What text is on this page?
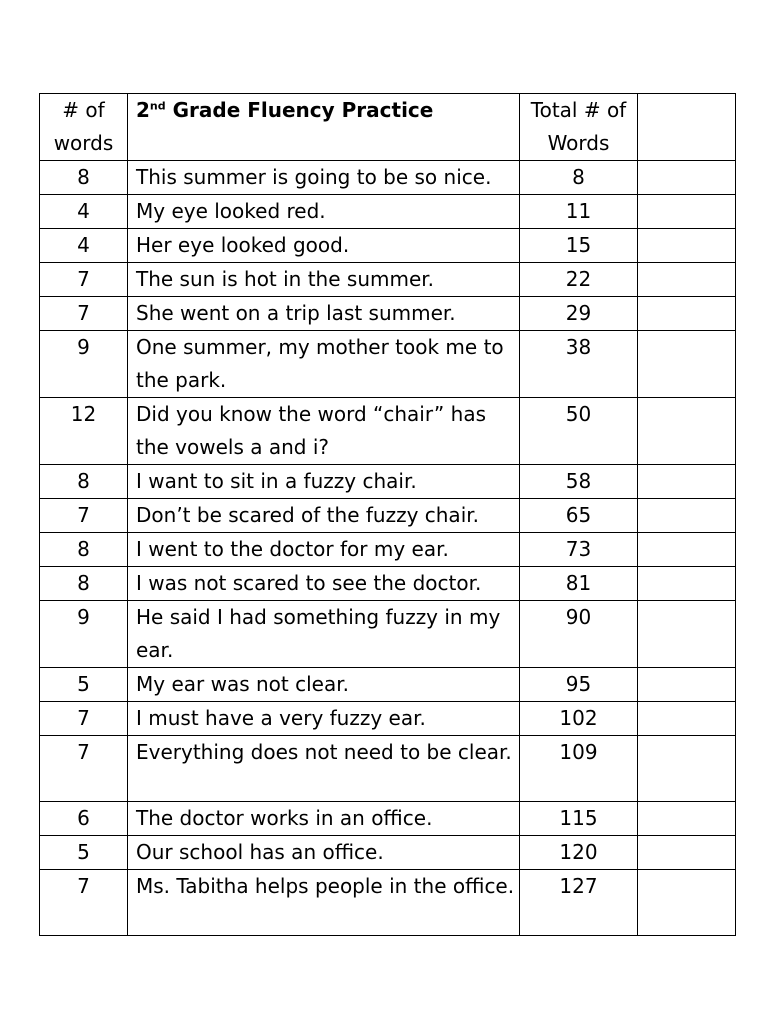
# of words	2nd Grade Fluency Practice	Total # of Words	
8	This summer is going to be so nice.	8	
4	My eye looked red.	11	
4	Her eye looked good.	15	
7	The sun is hot in the summer.	22	
7	She went on a trip last summer.	29	
9	One summer, my mother took me to the park.	38	
12	Did you know the word “chair” has the vowels a and i?	50	
8	I want to sit in a fuzzy chair.	58	
7	Don’t be scared of the fuzzy chair.	65	
8	I went to the doctor for my ear.	73	
8	I was not scared to see the doctor.	81	
9	He said I had something fuzzy in my ear.	90	
5	My ear was not clear.	95	
7	I must have a very fuzzy ear.	102	
7	Everything does not need to be clear.	109	
6	The doctor works in an office.	115	
5	Our school has an office.	120	
7	Ms. Tabitha helps people in the office.	127	
